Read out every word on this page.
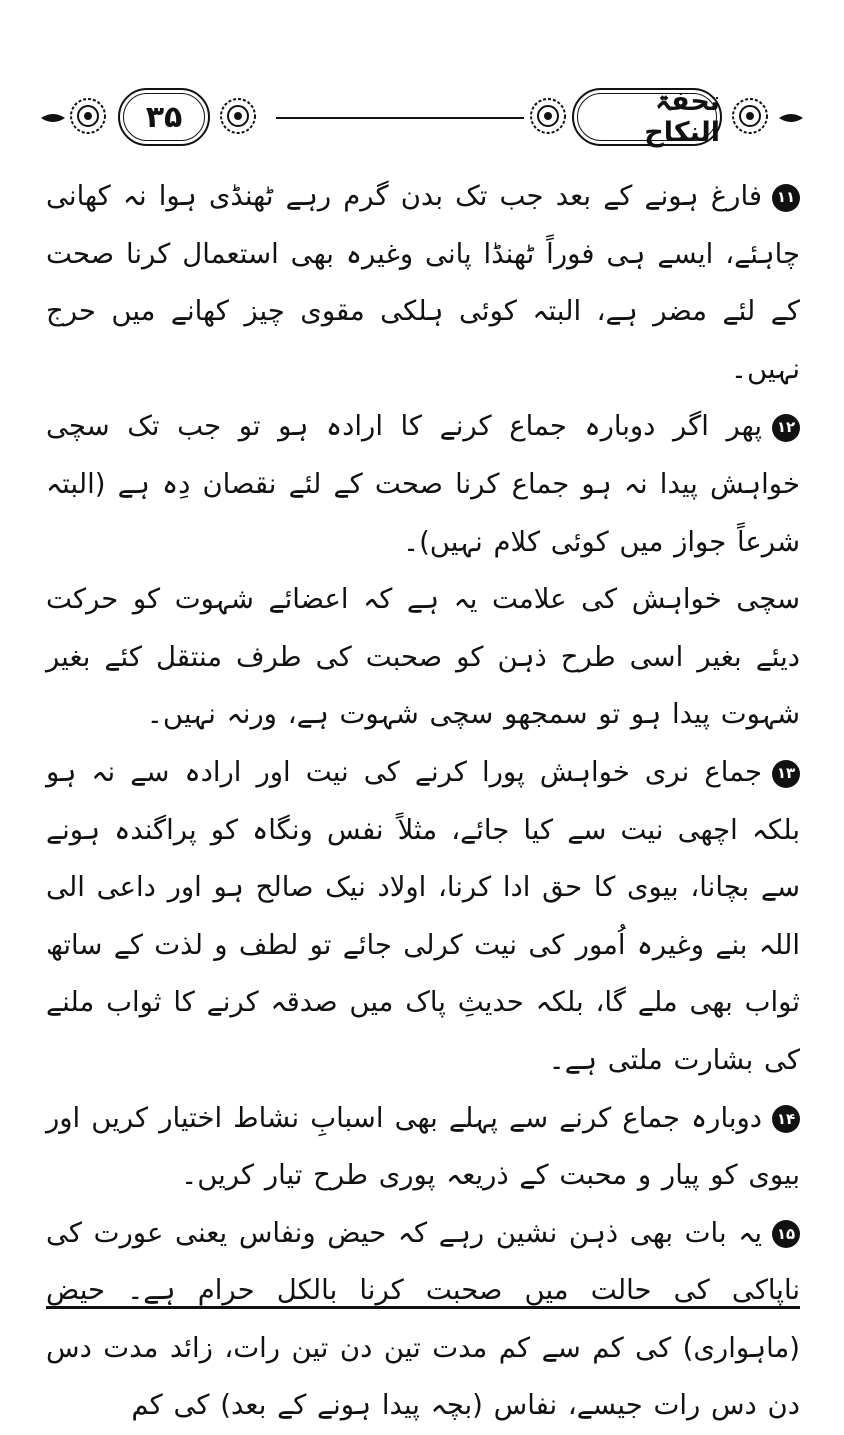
۳۵	تحفۃ النکاح

۱۱فارغ ہونے کے بعد جب تک بدن گرم رہے ٹھنڈی ہوا نہ کھانی چاہئے، ایسے ہی فوراً ٹھنڈا پانی وغیرہ بھی استعمال کرنا صحت کے لئے مضر ہے، البتہ کوئی ہلکی مقوی چیز کھانے میں حرج نہیں۔

۱۲پھر اگر دوبارہ جماع کرنے کا ارادہ ہو تو جب تک سچی خواہش پیدا نہ ہو جماع کرنا صحت کے لئے نقصان دِہ ہے (البتہ شرعاً جواز میں کوئی کلام نہیں)۔

سچی خواہش کی علامت یہ ہے کہ اعضائے شہوت کو حرکت دیئے بغیر اسی طرح ذہن کو صحبت کی طرف منتقل کئے بغیر شہوت پیدا ہو تو سمجھو سچی شہوت ہے، ورنہ نہیں۔

۱۳جماع نری خواہش پورا کرنے کی نیت اور ارادہ سے نہ ہو بلکہ اچھی نیت سے کیا جائے، مثلاً نفس ونگاہ کو پراگندہ ہونے سے بچانا، بیوی کا حق ادا کرنا، اولاد نیک صالح ہو اور داعی الی اللہ بنے وغیرہ اُمور کی نیت کرلی جائے تو لطف و لذت کے ساتھ ثواب بھی ملے گا، بلکہ حدیثِ پاک میں صدقہ کرنے کا ثواب ملنے کی بشارت ملتی ہے۔

۱۴دوبارہ جماع کرنے سے پہلے بھی اسبابِ نشاط اختیار کریں اور بیوی کو پیار و محبت کے ذریعہ پوری طرح تیار کریں۔

۱۵یہ بات بھی ذہن نشین رہے کہ حیض ونفاس یعنی عورت کی ناپاکی کی حالت میں صحبت کرنا بالکل حرام ہے۔ حیض (ماہواری) کی کم سے کم مدت تین دن تین رات، زائد مدت دس دن دس رات جیسے، نفاس (بچہ پیدا ہونے کے بعد) کی کم
